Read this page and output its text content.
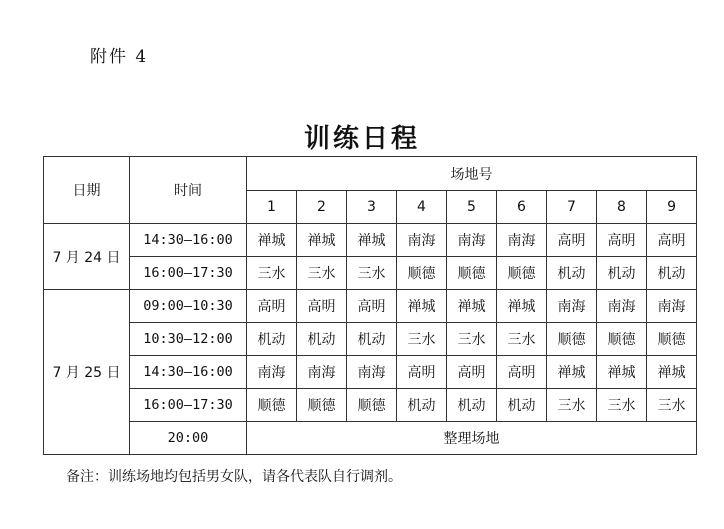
附件 4
训练日程
日期	时间	场地号								
		1	2	3	4	5	6	7	8	9
7 月 24 日	14:30—16:00	禅城	禅城	禅城	南海	南海	南海	高明	高明	高明
	16:00—17:30	三水	三水	三水	顺德	顺德	顺德	机动	机动	机动
7 月 25 日	09:00—10:30	高明	高明	高明	禅城	禅城	禅城	南海	南海	南海
	10:30—12:00	机动	机动	机动	三水	三水	三水	顺德	顺德	顺德
	14:30—16:00	南海	南海	南海	高明	高明	高明	禅城	禅城	禅城
	16:00—17:30	顺德	顺德	顺德	机动	机动	机动	三水	三水	三水
	20:00	整理场地								
备注：训练场地均包括男女队，请各代表队自行调剂。
